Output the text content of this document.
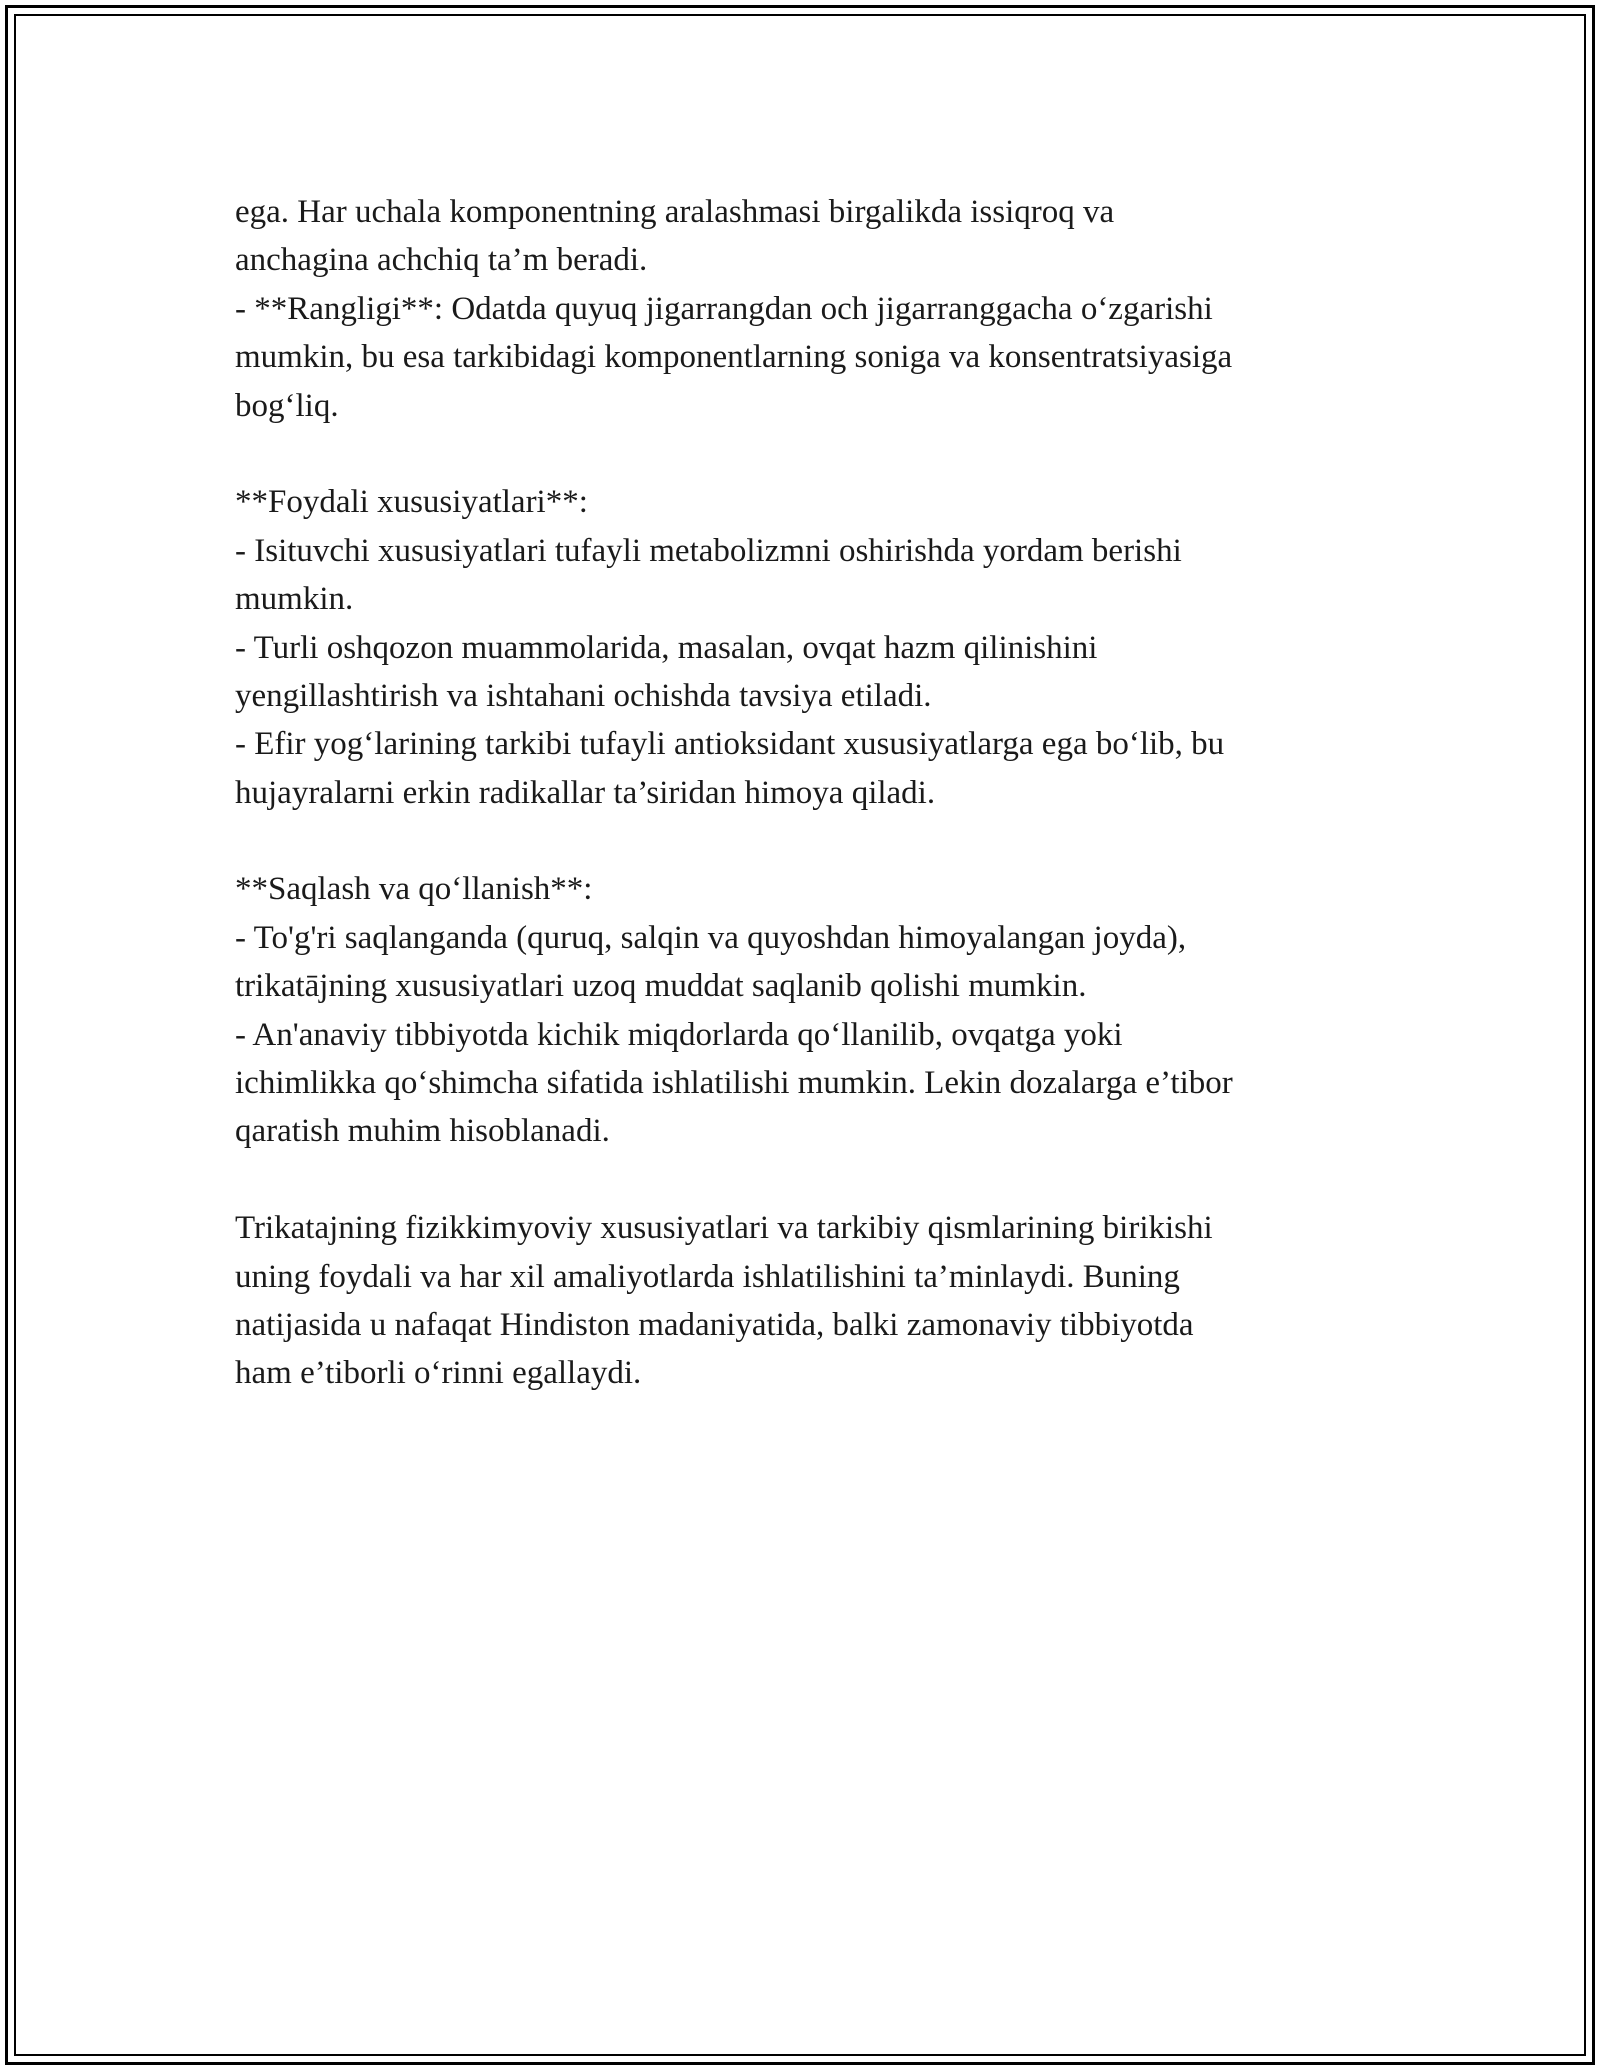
ega. Har uchala komponentning aralashmasi birgalikda issiqroq va
anchagina achchiq ta’m beradi.
- **Rangligi**: Odatda quyuq jigarrangdan och jigarranggacha o‘zgarishi
mumkin, bu esa tarkibidagi komponentlarning soniga va konsentratsiyasiga
bog‘liq.
**Foydali xususiyatlari**:
- Isituvchi xususiyatlari tufayli metabolizmni oshirishda yordam berishi
mumkin.
- Turli oshqozon muammolarida, masalan, ovqat hazm qilinishini
yengillashtirish va ishtahani ochishda tavsiya etiladi.
- Efir yog‘larining tarkibi tufayli antioksidant xususiyatlarga ega bo‘lib, bu
hujayralarni erkin radikallar ta’siridan himoya qiladi.
**Saqlash va qo‘llanish**:
- To'g'ri saqlanganda (quruq, salqin va quyoshdan himoyalangan joyda),
trikatājning xususiyatlari uzoq muddat saqlanib qolishi mumkin.
- An'anaviy tibbiyotda kichik miqdorlarda qo‘llanilib, ovqatga yoki
ichimlikka qo‘shimcha sifatida ishlatilishi mumkin. Lekin dozalarga e’tibor
qaratish muhim hisoblanadi.
Trikatajning fizikkimyoviy xususiyatlari va tarkibiy qismlarining birikishi
uning foydali va har xil amaliyotlarda ishlatilishini ta’minlaydi. Buning
natijasida u nafaqat Hindiston madaniyatida, balki zamonaviy tibbiyotda
ham e’tiborli o‘rinni egallaydi.
